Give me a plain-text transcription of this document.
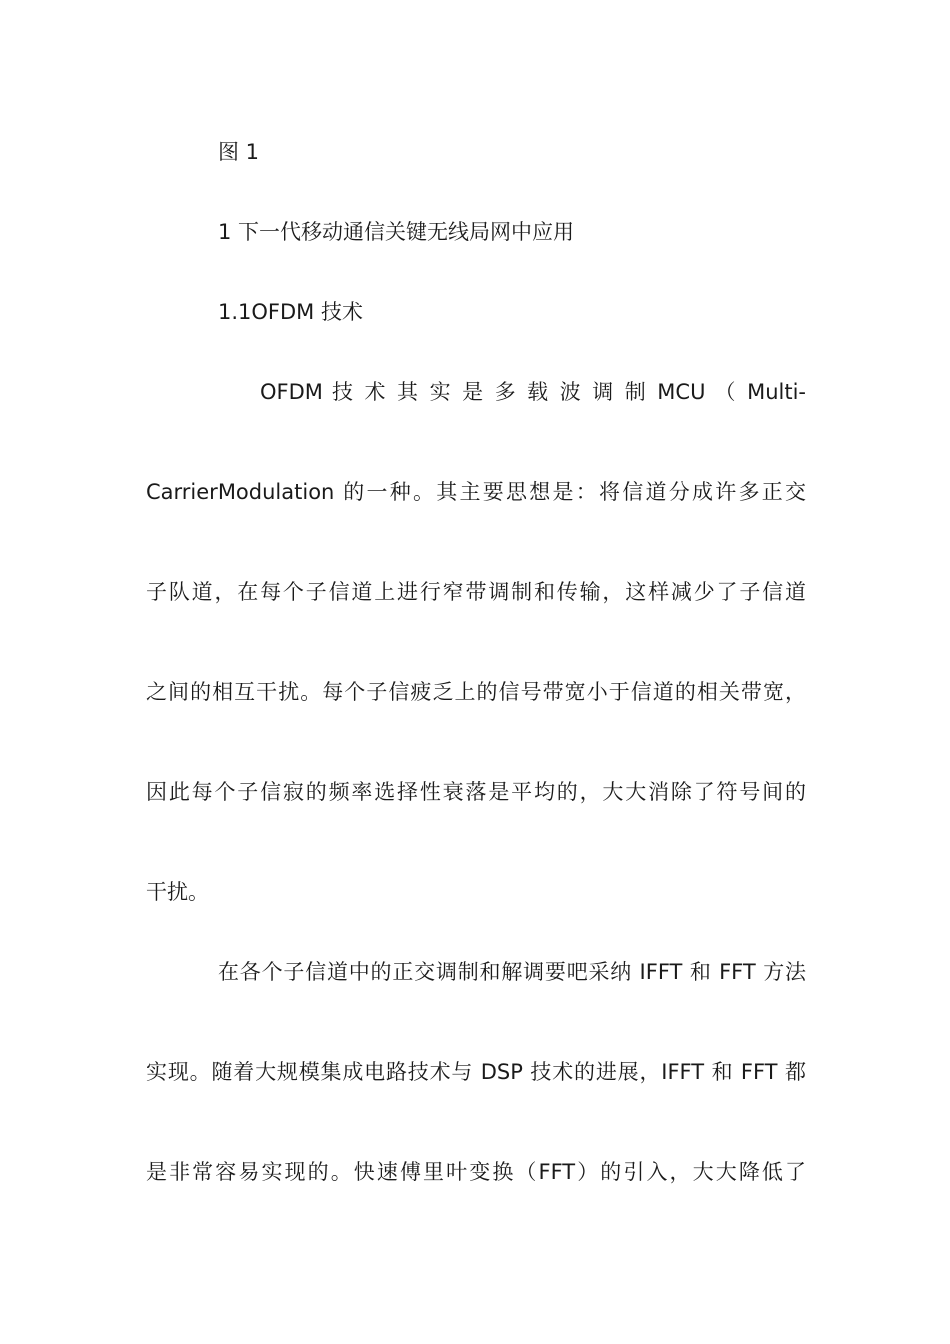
图 1
1 下一代移动通信关键无线局网中应用
1.1OFDM 技术
OFDM 技 术 其 实 是 多 载 波 调 制 MCU （ Multi-
CarrierModulation 的一种。其主要思想是：将信道分成许多正交
子队道，在每个子信道上进行窄带调制和传输，这样减少了子信道
之间的相互干扰。每个子信疲乏上的信号带宽小于信道的相关带宽，
因此每个子信寂的频率选择性衰落是平均的，大大消除了符号间的
干扰。
在各个子信道中的正交调制和解调要吧采纳 IFFT 和 FFT 方法
实现。随着大规模集成电路技术与 DSP 技术的进展，IFFT 和 FFT 都
是非常容易实现的。快速傅里叶变换（FFT）的引入，大大降低了
